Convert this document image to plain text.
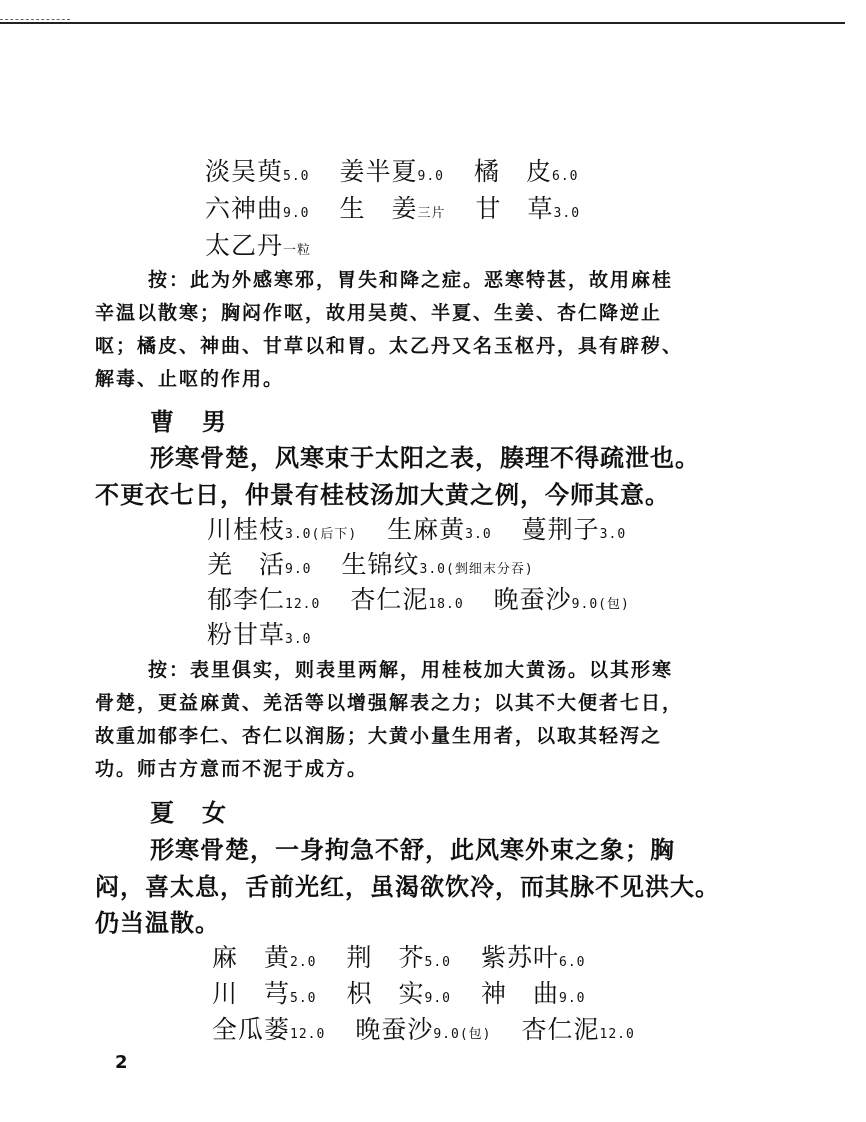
淡吴萸5.0 姜半夏9.0 橘　皮6.0
六神曲9.0 生　姜三片 甘　草3.0
太乙丹一粒
按：此为外感寒邪，胃失和降之症。恶寒特甚，故用麻桂
辛温以散寒；胸闷作呕，故用吴萸、半夏、生姜、杏仁降逆止
呕；橘皮、神曲、甘草以和胃。太乙丹又名玉枢丹，具有辟秽、
解毒、止呕的作用。
曹　男
形寒骨楚，风寒束于太阳之表，腠理不得疏泄也。
不更衣七日，仲景有桂枝汤加大黄之例，今师其意。
川桂枝3.0(后下) 生麻黄3.0 蔓荆子3.0
羌　活9.0 生锦纹3.0(剉细末分吞)
郁李仁12.0 杏仁泥18.0 晚蚕沙9.0(包)
粉甘草3.0
按：表里俱实，则表里两解，用桂枝加大黄汤。以其形寒
骨楚，更益麻黄、羌活等以增强解表之力；以其不大便者七日，
故重加郁李仁、杏仁以润肠；大黄小量生用者，以取其轻泻之
功。师古方意而不泥于成方。
夏　女
形寒骨楚，一身拘急不舒，此风寒外束之象；胸
闷，喜太息，舌前光红，虽渴欲饮冷，而其脉不见洪大。
仍当温散。
麻　黄2.0 荆　芥5.0 紫苏叶6.0
川　芎5.0 枳　实9.0 神　曲9.0
全瓜蒌12.0 晚蚕沙9.0(包) 杏仁泥12.0
2
